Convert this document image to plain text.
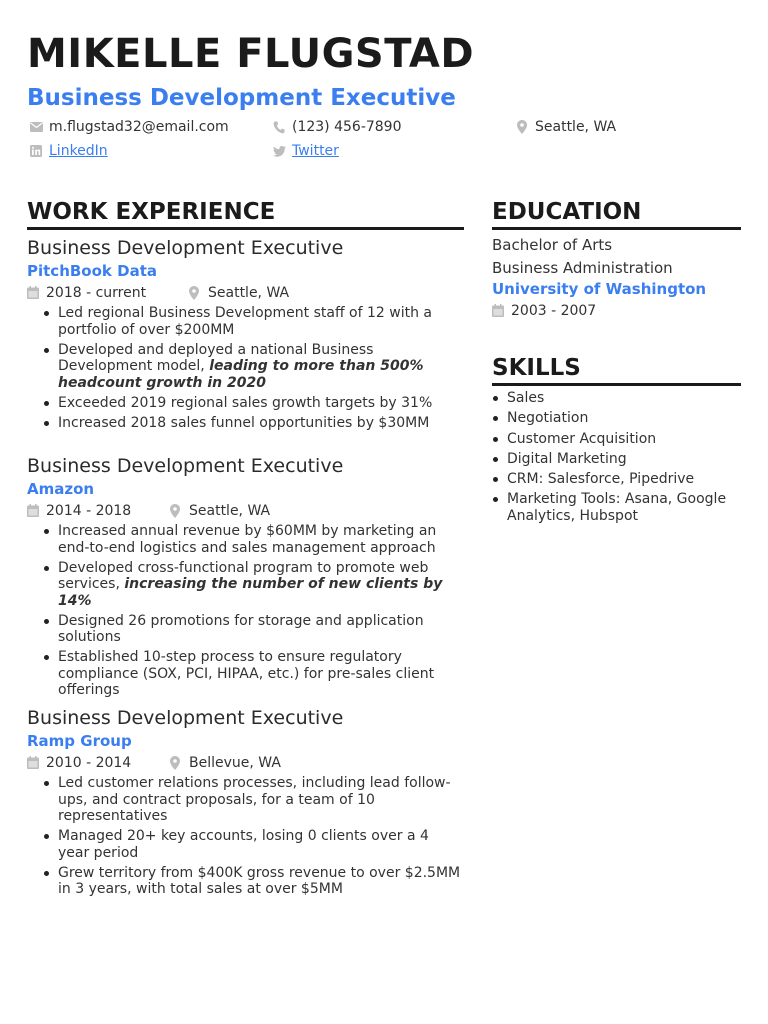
MIKELLE FLUGSTAD
Business Development Executive
m.flugstad32@email.com	(123) 456-7890	Seattle, WA
LinkedIn	Twitter
WORK EXPERIENCE
Business Development Executive
PitchBook Data
2018 - current	Seattle, WA
Led regional Business Development staff of 12 with a portfolio of over $200MM
Developed and deployed a national Business Development model, leading to more than 500% headcount growth in 2020
Exceeded 2019 regional sales growth targets by 31%
Increased 2018 sales funnel opportunities by $30MM
Business Development Executive
Amazon
2014 - 2018	Seattle, WA
Increased annual revenue by $60MM by marketing an end-to-end logistics and sales management approach
Developed cross-functional program to promote web services, increasing the number of new clients by 14%
Designed 26 promotions for storage and application solutions
Established 10-step process to ensure regulatory compliance (SOX, PCI, HIPAA, etc.) for pre-sales client offerings
Business Development Executive
Ramp Group
2010 - 2014	Bellevue, WA
Led customer relations processes, including lead follow-ups, and contract proposals, for a team of 10 representatives
Managed 20+ key accounts, losing 0 clients over a 4 year period
Grew territory from $400K gross revenue to over $2.5MM in 3 years, with total sales at over $5MM
EDUCATION
Bachelor of Arts
Business Administration
University of Washington
2003 - 2007
SKILLS
Sales
Negotiation
Customer Acquisition
Digital Marketing
CRM: Salesforce, Pipedrive
Marketing Tools: Asana, Google Analytics, Hubspot
